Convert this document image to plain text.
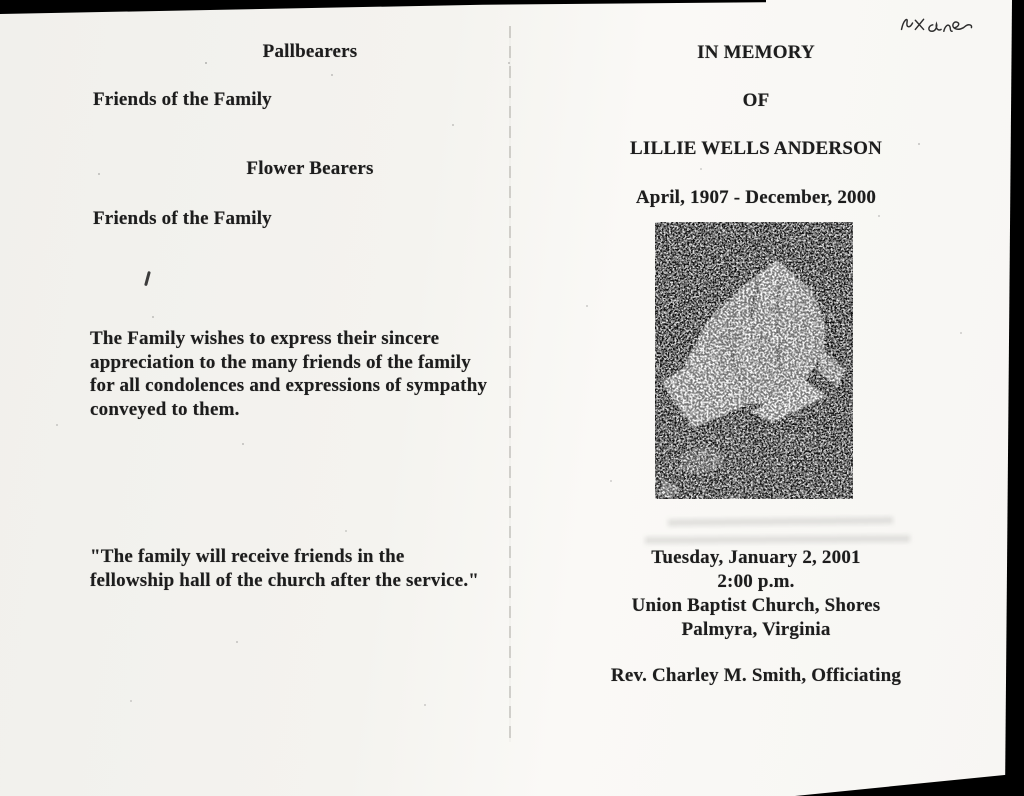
Pallbearers

Friends of the Family

Flower Bearers

Friends of the Family

The Family wishes to express their sincere
appreciation to the many friends of the family
for all condolences and expressions of sympathy
conveyed to them.
"The family will receive friends in the
fellowship hall of the church after the service."
IN MEMORY
OF
LILLIE WELLS ANDERSON
April, 1907 - December, 2000
Tuesday, January 2, 2001
2:00 p.m.
Union Baptist Church, Shores
Palmyra, Virginia
Rev. Charley M. Smith, Officiating
